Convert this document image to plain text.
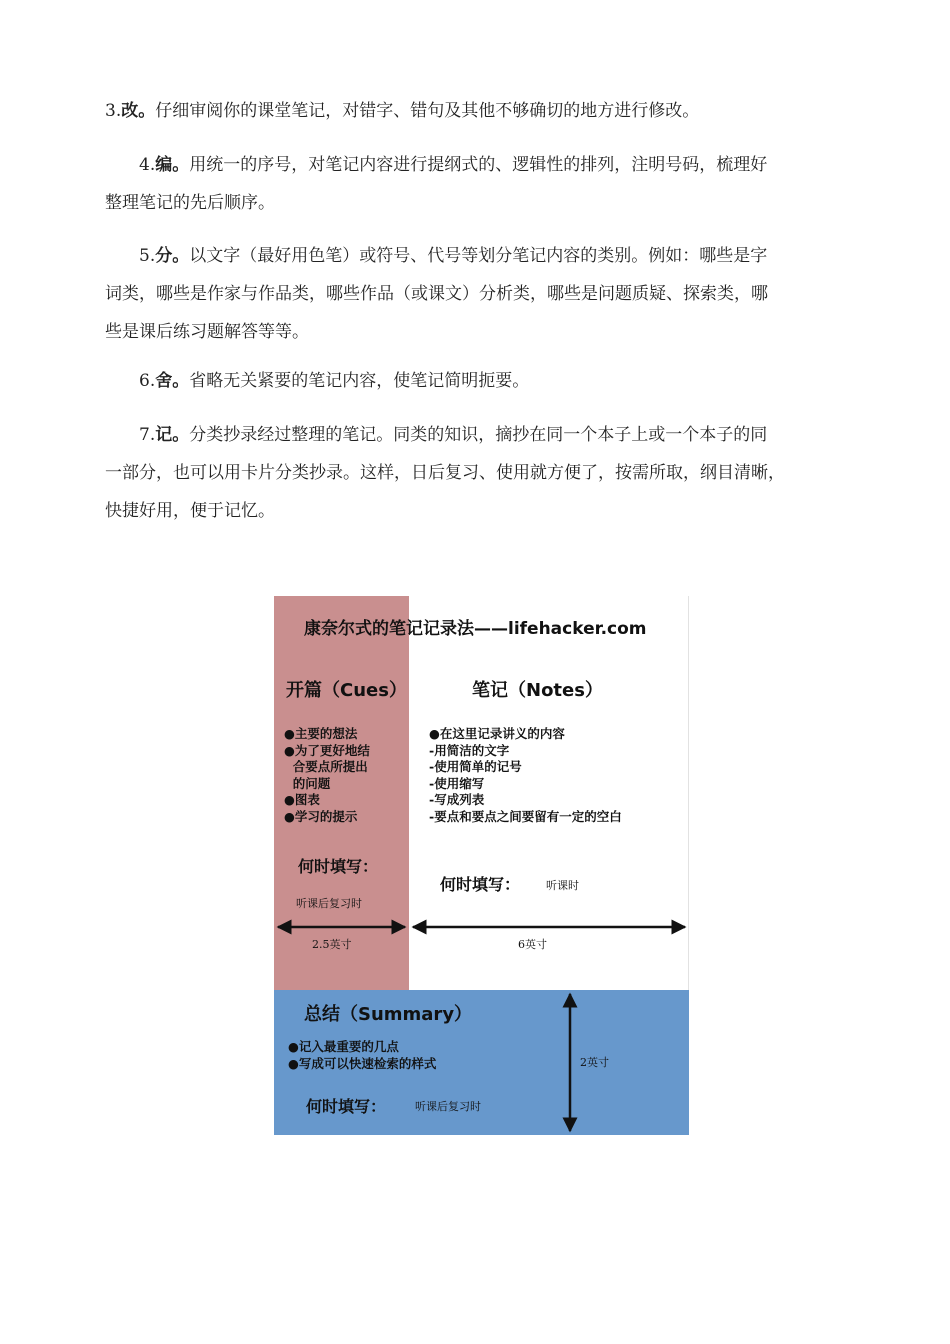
3.改。仔细审阅你的课堂笔记，对错字、错句及其他不够确切的地方进行修改。
4.编。用统一的序号，对笔记内容进行提纲式的、逻辑性的排列，注明号码，梳理好
整理笔记的先后顺序。
5.分。以文字（最好用色笔）或符号、代号等划分笔记内容的类别。例如：哪些是字
词类，哪些是作家与作品类，哪些作品（或课文）分析类，哪些是问题质疑、探索类，哪
些是课后练习题解答等等。
6.舍。省略无关紧要的笔记内容，使笔记简明扼要。
7.记。分类抄录经过整理的笔记。同类的知识，摘抄在同一个本子上或一个本子的同
一部分，也可以用卡片分类抄录。这样，日后复习、使用就方便了，按需所取，纲目清晰，
快捷好用，便于记忆。
康奈尔式的笔记记录法——lifehacker.com
开篇（Cues）
●主要的想法
●为了更好地结
合要点所提出
的问题
●图表
●学习的提示
何时填写：
听课后复习时
2.5英寸
笔记（Notes）
●在这里记录讲义的内容
-用简洁的文字
-使用简单的记号
-使用缩写
-写成列表
-要点和要点之间要留有一定的空白
何时填写： 听课时
6英寸
总结（Summary）
●记入最重要的几点
●写成可以快速检索的样式
何时填写：	听课后复习时
2英寸
